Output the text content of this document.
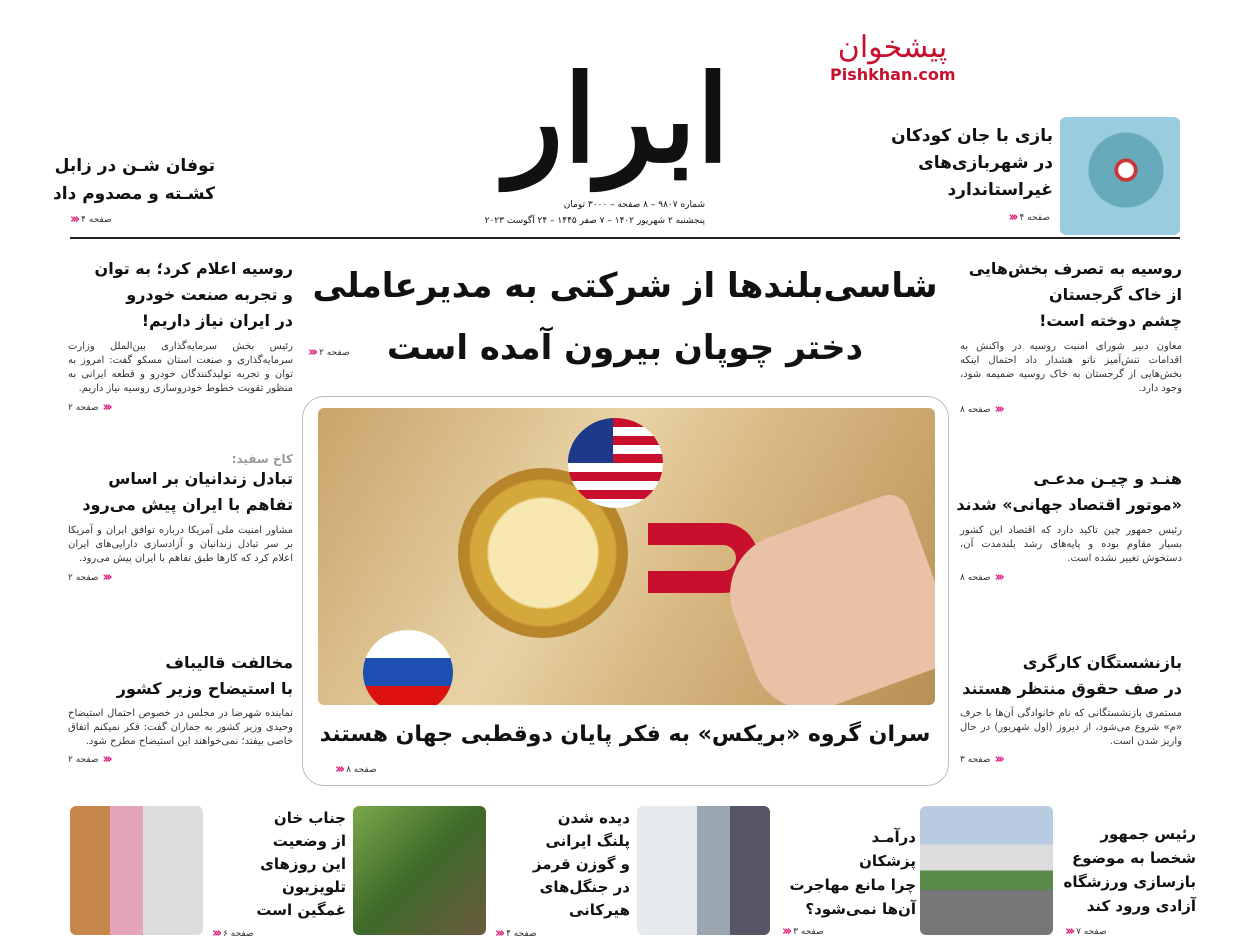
ابرار
شماره ۹۸۰۷ – ۸ صفحه – ۳۰۰۰ تومان
پنجشنبه ۲ شهریور ۱۴۰۲ – ۷ صفر ۱۴۴۵ – ۲۴ آگوست ۲۰۲۳
پیشخوان
Pishkhan.com
بازی با جان کودکان
در شهربازی‌های
غیراستاندارد
صفحه ۴
‹‹‹
توفان شـن در زابل
کشـته و مصدوم داد
صفحه ۴
‹‹‹
شاسی‌بلندها از شرکتی به مدیرعاملی
دختر چوپان بیرون آمده است
صفحه ۲
‹‹‹
سران گروه «بریکس» به فکر پایان دوقطبی جهان هستند
صفحه ۸
‹‹‹
روسیه به تصرف بخش‌هایی
از خاک گرجستان
چشم دوخته است!
معاون دبیر شورای امنیت روسیه در واکنش به اقدامات تنش‌آمیز ناتو هشدار داد احتمال اینکه بخش‌هایی از گرجستان به خاک روسیه ضمیمه شود، وجود دارد.
‹‹‹
صفحه ۸
هنـد و چیـن مدعـی
«موتور اقتصاد جهانی» شدند
رئیس جمهور چین تاکید دارد که اقتصاد این کشور بسیار مقاوم بوده و پایه‌های رشد بلندمدت آن، دستخوش تغییر نشده است.
‹‹‹
صفحه ۸
بازنشستگان کارگری
در صف حقوق منتظر هستند
مستمری بازنشستگانی که نام خانوادگی آن‌ها با حرف «م» شروع می‌شود، از دیروز (اول شهریور) در حال واریز شدن است.
‹‹‹
صفحه ۳
روسیه اعلام کرد؛ به توان
و تجربه صنعت خودرو
در ایران نیاز داریم!
رئیس بخش سرمایه‌گذاری بین‌الملل وزارت سرمایه‌گذاری و صنعت استان مسکو گفت: امروز به توان و تجربه تولیدکنندگان خودرو و قطعه ایرانی به منظور تقویت خطوط خودروسازی روسیه نیاز داریم.
‹‹‹
صفحه ۲
کاخ سفید:
تبادل زندانیان بر اساس
تفاهم با ایران پیش می‌رود
مشاور امنیت ملی آمریکا درباره توافق ایران و آمریکا بر سر تبادل زندانیان و آزادسازی دارایی‌های ایران اعلام کرد که کارها طبق تفاهم با ایران پیش می‌رود.
‹‹‹
صفحه ۲
مخالفت قالیباف
با استیضاح وزیر کشور
نماینده شهرضا در مجلس در خصوص احتمال استیضاح وحیدی وزیر کشور به جماران گفت: فکر نمیکنم اتفاق خاصی بیفتد؛ نمی‌خواهند این استیضاح مطرح شود.
‹‹‹
صفحه ۲
رئیس جمهور
شخصا به موضوع
بازسازی ورزشگاه
آزادی ورود کند
صفحه ۷
‹‹‹
درآمـد
پزشکان
چرا مانع مهاجرت
آن‌ها نمی‌شود؟
صفحه ۳
‹‹‹
دیده شدن
پلنگ ایرانی
و گوزن قرمز
در جنگل‌های
هیرکانی
صفحه ۴
‹‹‹
جناب خان
از وضعیت
این روزهای
تلویزیون
غمگین است
صفحه ۶
‹‹‹
